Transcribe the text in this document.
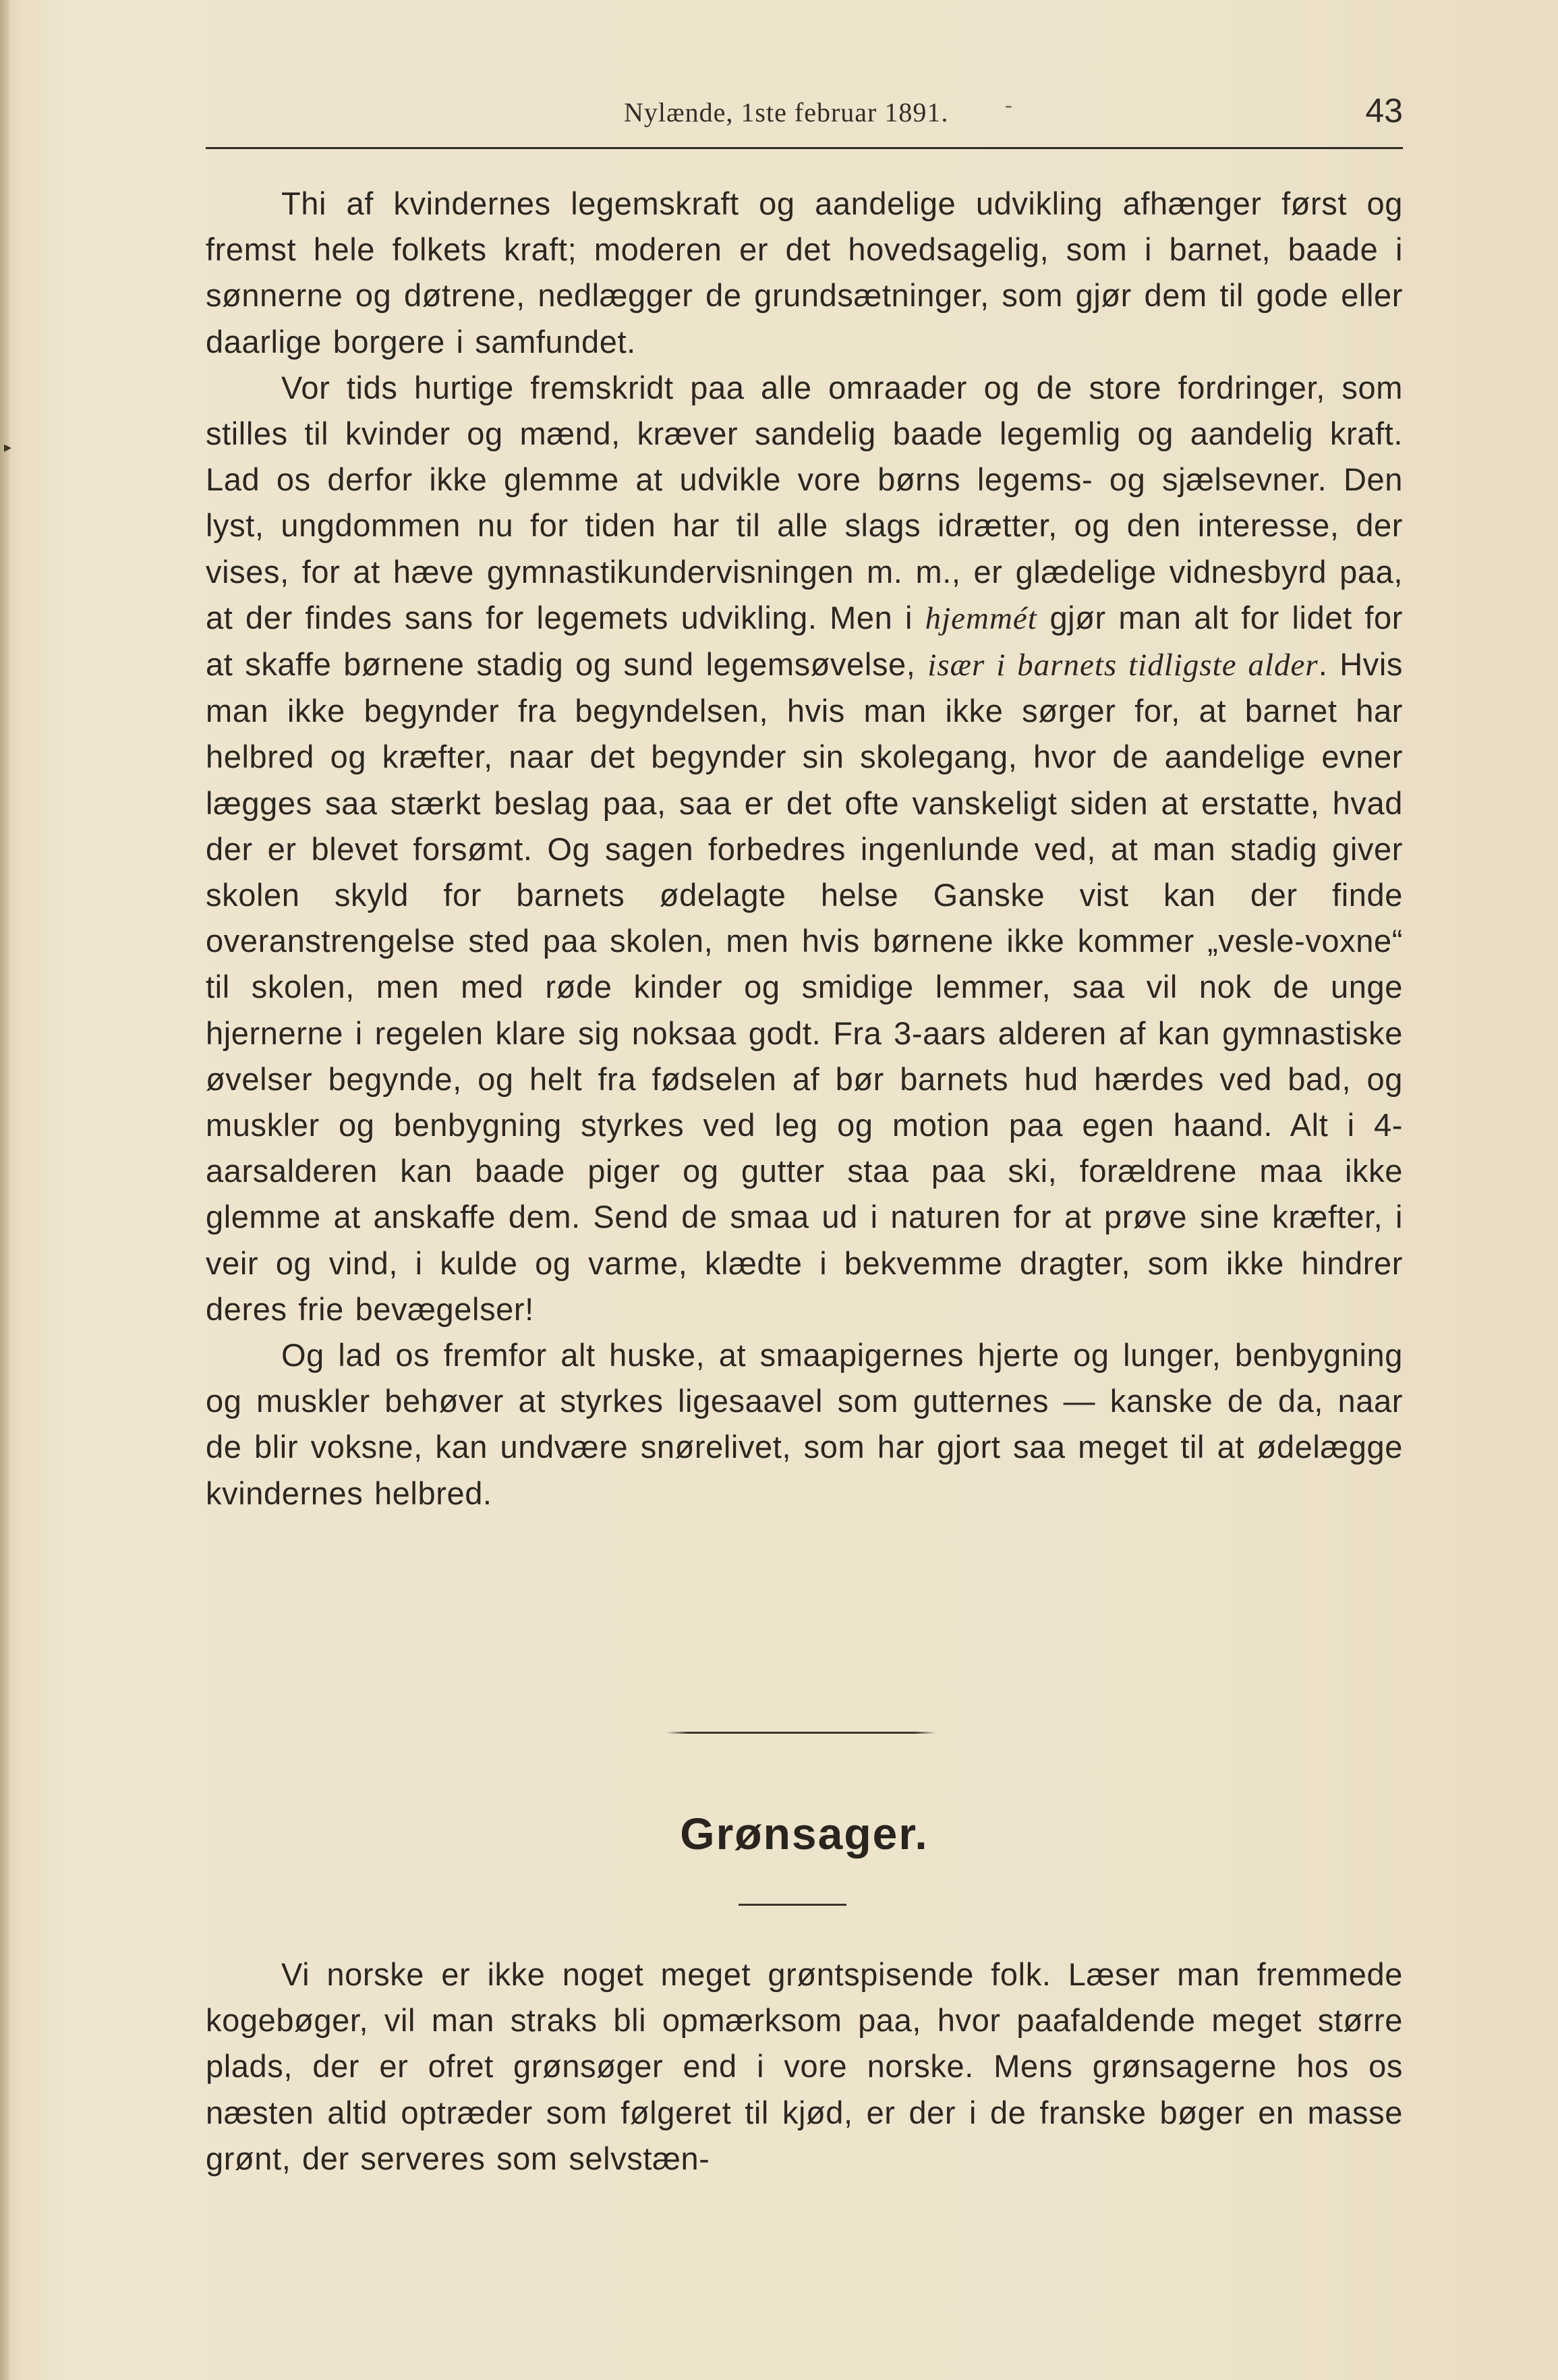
▸
Nylænde, 1ste februar 1891.	-	43

Thi af kvindernes legemskraft og aandelige udvikling afhænger først og fremst hele folkets kraft; moderen er det hovedsagelig, som i barnet, baade i sønnerne og døtrene, nedlægger de grundsætninger, som gjør dem til gode eller daarlige borgere i samfundet.

Vor tids hurtige fremskridt paa alle omraader og de store fordringer, som stilles til kvinder og mænd, kræver sandelig baade legemlig og aandelig kraft. Lad os derfor ikke glemme at udvikle vore børns legems- og sjælsevner. Den lyst, ungdommen nu for tiden har til alle slags idrætter, og den interesse, der vises, for at hæve gymnastikundervisningen m. m., er glædelige vidnesbyrd paa, at der findes sans for legemets udvikling. Men i hjemmét gjør man alt for lidet for at skaffe børnene stadig og sund legemsøvelse, især i barnets tidligste alder. Hvis man ikke begynder fra begyndelsen, hvis man ikke sørger for, at barnet har helbred og kræfter, naar det begynder sin skolegang, hvor de aandelige evner lægges saa stærkt beslag paa, saa er det ofte vanskeligt siden at erstatte, hvad der er blevet forsømt. Og sagen forbedres ingenlunde ved, at man stadig giver skolen skyld for barnets ødelagte helse Ganske vist kan der finde overanstrengelse sted paa skolen, men hvis børnene ikke kommer „vesle-voxne“ til skolen, men med røde kinder og smidige lemmer, saa vil nok de unge hjernerne i regelen klare sig noksaa godt. Fra 3-aars alderen af kan gymnastiske øvelser begynde, og helt fra fødselen af bør barnets hud hærdes ved bad, og muskler og benbygning styrkes ved leg og motion paa egen haand. Alt i 4-aarsalderen kan baade piger og gutter staa paa ski, forældrene maa ikke glemme at anskaffe dem. Send de smaa ud i naturen for at prøve sine kræfter, i veir og vind, i kulde og varme, klædte i bekvemme dragter, som ikke hindrer deres frie bevægelser!

Og lad os fremfor alt huske, at smaapigernes hjerte og lunger, benbygning og muskler behøver at styrkes ligesaavel som gutternes — kanske de da, naar de blir voksne, kan undvære snørelivet, som har gjort saa meget til at ødelægge kvindernes helbred.

Grønsager.

Vi norske er ikke noget meget grøntspisende folk. Læser man fremmede kogebøger, vil man straks bli opmærksom paa, hvor paafaldende meget større plads, der er ofret grønsøger end i vore norske. Mens grønsagerne hos os næsten altid optræder som følgeret til kjød, er der i de franske bøger en masse grønt, der serveres som selvstæn-
